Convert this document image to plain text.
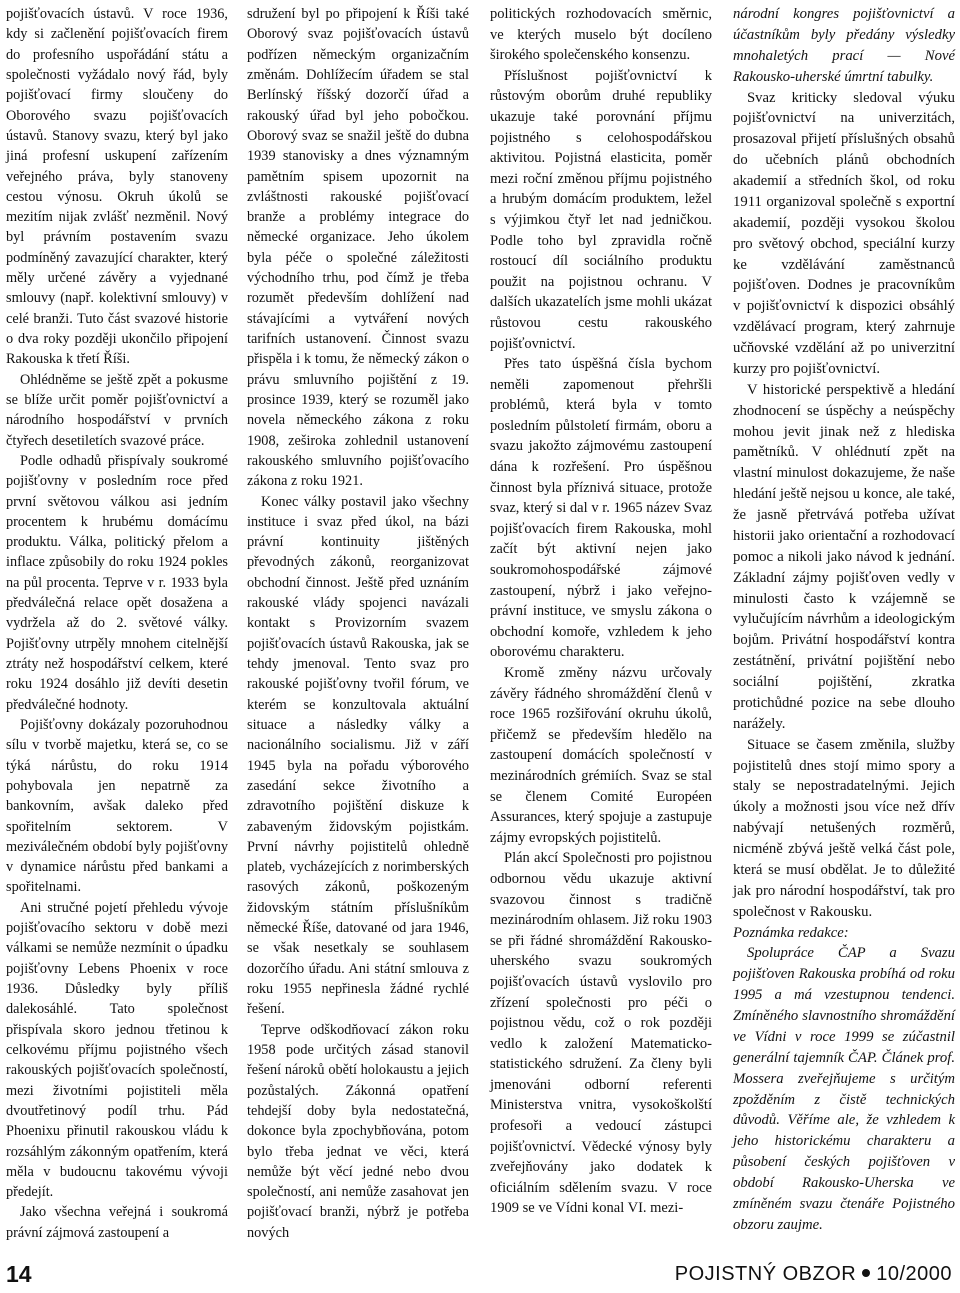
pojišťovacích ústavů. V roce 1936, kdy si začlenění pojišťovacích firem do profesního uspořádání státu a společnosti vyžádalo nový řád, byly pojišťovací firmy sloučeny do Oborového svazu pojišťovacích ústavů. Stanovy svazu, který byl jako jiná profesní uskupení zařízením veřejného práva, byly stanoveny cestou výnosu. Okruh úkolů se mezitím nijak zvlášť nezměnil. Nový byl právním postavením svazu podmíněný zavazující charakter, který měly určené závěry a vyjednané smlouvy (např. kolektivní smlouvy) v celé branži. Tuto část svazové historie o dva roky později ukončilo připojení Rakouska k třetí Říši.

Ohlédněme se ještě zpět a pokusme se blíže určit poměr pojišťovnictví a národního hospodářství v prvních čtyřech desetiletích svazové práce.

Podle odhadů přispívaly soukromé pojišťovny v posledním roce před první světovou válkou asi jedním procentem k hrubému domácímu produktu. Válka, politický přelom a inflace způsobily do roku 1924 pokles na půl procenta. Teprve v r. 1933 byla předválečná relace opět dosažena a vydržela až do 2. světové války. Pojišťovny utrpěly mnohem citelnější ztráty než hospodářství celkem, které roku 1924 dosáhlo již devíti desetin předválečné hodnoty.

Pojišťovny dokázaly pozoruhodnou sílu v tvorbě majetku, která se, co se týká nárůstu, do roku 1914 pohybovala jen nepatrně za bankovním, avšak daleko před spořitelním sektorem. V meziválečném období byly pojišťovny v dynamice nárůstu před bankami a spořitelnami.

Ani stručné pojetí přehledu vývoje pojišťovacího sektoru v době mezi válkami se nemůže nezmínit o úpadku pojišťovny Lebens Phoenix v roce 1936. Důsledky byly příliš dalekosáhlé. Tato společnost přispívala skoro jednou třetinou k celkovému příjmu pojistného všech rakouských pojišťovacích společností, mezi životními pojistiteli měla dvoutřetinový podíl trhu. Pád Phoenixu přinutil rakouskou vládu k rozsáhlým zákonným opatřením, která měla v budoucnu takovému vývoji předejít.

Jako všechna veřejná i soukromá právní zájmová zastoupení a

sdružení byl po připojení k Říši také Oborový svaz pojišťovacích ústavů podřízen německým organizačním změnám. Dohlížecím úřadem se stal Berlínský říšský dozorčí úřad a rakouský úřad byl jeho pobočkou. Oborový svaz se snažil ještě do dubna 1939 stanovisky a dnes významným pamětním spisem upozornit na zvláštnosti rakouské pojišťovací branže a problémy integrace do německé organizace. Jeho úkolem byla péče o společné záležitosti východního trhu, pod čímž je třeba rozumět především dohlížení nad stávajícími a vytváření nových tarifních ustanovení. Činnost svazu přispěla i k tomu, že německý zákon o právu smluvního pojištění z 19. prosince 1939, který se rozuměl jako novela německého zákona z roku 1908, zeširoka zohlednil ustanovení rakouského smluvního pojišťovacího zákona z roku 1921.

Konec války postavil jako všechny instituce i svaz před úkol, na bázi právní kontinuity jištěných převodných zákonů, reorganizovat obchodní činnost. Ještě před uznáním rakouské vlády spojenci navázali kontakt s Provizorním svazem pojišťovacích ústavů Rakouska, jak se tehdy jmenoval. Tento svaz pro rakouské pojišťovny tvořil fórum, ve kterém se konzultovala aktuální situace a následky války a nacionálního socialismu. Již v září 1945 byla na pořadu výborového zasedání sekce životního a zdravotního pojištění diskuze k zabaveným židovským pojistkám. První návrhy pojistitelů ohledně plateb, vycházejících z norimberských rasových zákonů, poškozeným židovským státním příslušníkům německé Říše, datované od jara 1946, se však nesetkaly se souhlasem dozorčího úřadu. Ani státní smlouva z roku 1955 nepřinesla žádné rychlé řešení.

Teprve odškodňovací zákon roku 1958 pode určitých zásad stanovil řešení nároků obětí holokaustu a jejich pozůstalých. Zákonná opatření tehdejší doby byla nedostatečná, dokonce byla zpochybňována, potom bylo třeba jednat ve věci, která nemůže být věcí jedné nebo dvou společností, ani nemůže zasahovat jen pojišťovací branži, nýbrž je potřeba nových

politických rozhodovacích směrnic, ve kterých muselo být docíleno širokého společenského konsenzu.

Příslušnost pojišťovnictví k růstovým oborům druhé republiky ukazuje také porovnání příjmu pojistného s celohospodářskou aktivitou. Pojistná elasticita, poměr mezi roční změnou příjmu pojistného a hrubým domácím produktem, ležel s výjimkou čtyř let nad jedničkou. Podle toho byl zpravidla ročně rostoucí díl sociálního produktu použit na pojistnou ochranu. V dalších ukazatelích jsme mohli ukázat růstovou cestu rakouského pojišťovnictví.

Přes tato úspěšná čísla bychom neměli zapomenout přehršli problémů, která byla v tomto posledním půlstoletí firmám, oboru a svazu jakožto zájmovému zastoupení dána k rozřešení. Pro úspěšnou činnost byla příznivá situace, protože svaz, který si dal v r. 1965 název Svaz pojišťovacích firem Rakouska, mohl začít být aktivní nejen jako soukromohospodářské zájmové zastoupení, nýbrž i jako veřejno-právní instituce, ve smyslu zákona o obchodní komoře, vzhledem k jeho oborovému charakteru.

Kromě změny názvu určovaly závěry řádného shromáždění členů v roce 1965 rozšiřování okruhu úkolů, přičemž se především hledělo na zastoupení domácích společností v mezinárodních grémiích. Svaz se stal se členem Comité Européen Assurances, který spojuje a zastupuje zájmy evropských pojistitelů.

Plán akcí Společnosti pro pojistnou odbornou vědu ukazuje aktivní svazovou činnost s tradičně mezinárodním ohlasem. Již roku 1903 se při řádné shromáždění Rakousko-uherského svazu soukromých pojišťovacích ústavů vyslovilo pro zřízení společnosti pro péči o pojistnou vědu, což o rok později vedlo k založení Matematicko-statistického sdružení. Za členy byli jmenováni odborní referenti Ministerstva vnitra, vysokoškolští profesoři a vedoucí zástupci pojišťovnictví. Vědecké výnosy byly zveřejňovány jako dodatek k oficiálním sdělením svazu. V roce 1909 se ve Vídni konal VI. mezi-

národní kongres pojišťovnictví a účastníkům byly předány výsledky mnohaletých prací — Nové Rakousko-uherské úmrtní tabulky.

Svaz kriticky sledoval výuku pojišťovnictví na univerzitách, prosazoval přijetí příslušných obsahů do učebních plánů obchodních akademií a středních škol, od roku 1911 organizoval společně s exportní akademií, později vysokou školou pro světový obchod, speciální kurzy ke vzdělávání zaměstnanců pojišťoven. Dodnes je pracovníkům v pojišťovnictví k dispozici obsáhlý vzdělávací program, který zahrnuje učňovské vzdělání až po univerzitní kurzy pro pojišťovnictví.

V historické perspektivě a hledání zhodnocení se úspěchy a neúspěchy mohou jevit jinak než z hlediska pamětníků. V ohlédnutí zpět na vlastní minulost dokazujeme, že naše hledání ještě nejsou u konce, ale také, že jasně přetrvává potřeba užívat historii jako orientační a rozhodovací pomoc a nikoli jako návod k jednání. Základní zájmy pojišťoven vedly v minulosti často k vzájemně se vylučujícím návrhům a ideologickým bojům. Privátní hospodářství kontra zestátnění, privátní pojištění nebo sociální pojištění, zkratka protichůdné pozice na sebe dlouho narážely.

Situace se časem změnila, služby pojistitelů dnes stojí mimo spory a staly se nepostradatelnými. Jejich úkoly a možnosti jsou více než dřív nabývají netušených rozměrů, nicméně zbývá ještě velká část pole, která se musí obdělat. Je to důležité jak pro národní hospodářství, tak pro společnost v Rakousku.

Poznámka redakce:

Spolupráce ČAP a Svazu pojišťoven Rakouska probíhá od roku 1995 a má vzestupnou tendenci. Zmíněného slavnostního shromáždění ve Vídni v roce 1999 se zúčastnil generální tajemník ČAP. Článek prof. Mossera zveřejňujeme s určitým zpožděním z čistě technických důvodů. Věříme ale, že vzhledem k jeho historickému charakteru a působení českých pojišťoven v období Rakousko-Uherska ve zmíněném svazu čtenáře Pojistného obzoru zaujme.

14	POJISTNÝ OBZOR 10/2000
